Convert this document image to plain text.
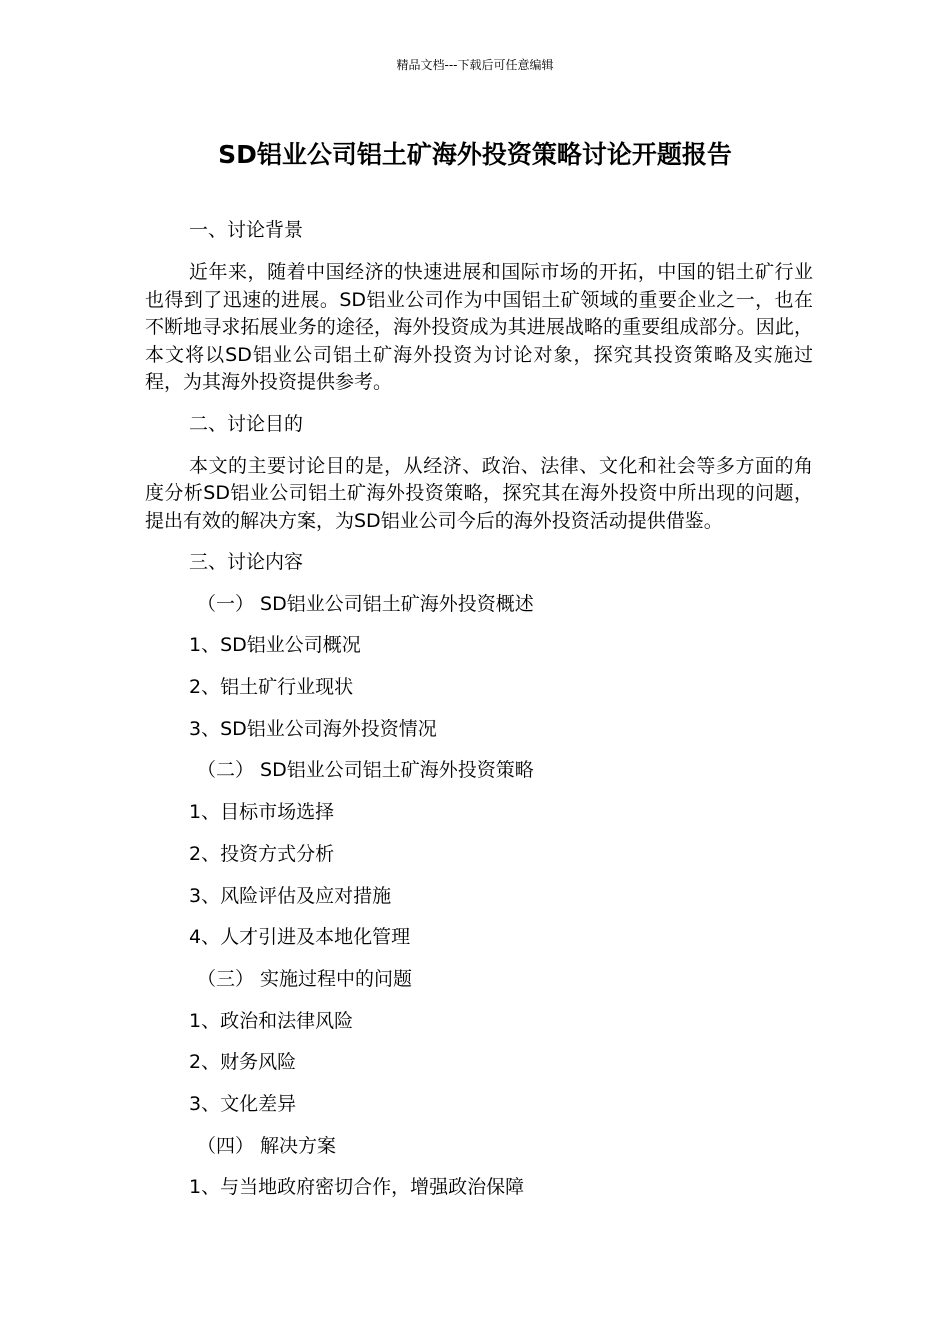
精品文档---下载后可任意编辑
SD铝业公司铝土矿海外投资策略讨论开题报告

一、讨论背景

近年来，随着中国经济的快速进展和国际市场的开拓，中国的铝土矿行业也得到了迅速的进展。SD铝业公司作为中国铝土矿领域的重要企业之一，也在不断地寻求拓展业务的途径，海外投资成为其进展战略的重要组成部分。因此，本文将以SD铝业公司铝土矿海外投资为讨论对象，探究其投资策略及实施过程，为其海外投资提供参考。

二、讨论目的

本文的主要讨论目的是，从经济、政治、法律、文化和社会等多方面的角度分析SD铝业公司铝土矿海外投资策略，探究其在海外投资中所出现的问题，提出有效的解决方案，为SD铝业公司今后的海外投资活动提供借鉴。

三、讨论内容

（一） SD铝业公司铝土矿海外投资概述

1、SD铝业公司概况

2、铝土矿行业现状

3、SD铝业公司海外投资情况

（二） SD铝业公司铝土矿海外投资策略

1、目标市场选择

2、投资方式分析

3、风险评估及应对措施

4、人才引进及本地化管理

（三） 实施过程中的问题

1、政治和法律风险

2、财务风险

3、文化差异

（四） 解决方案

1、与当地政府密切合作，增强政治保障
